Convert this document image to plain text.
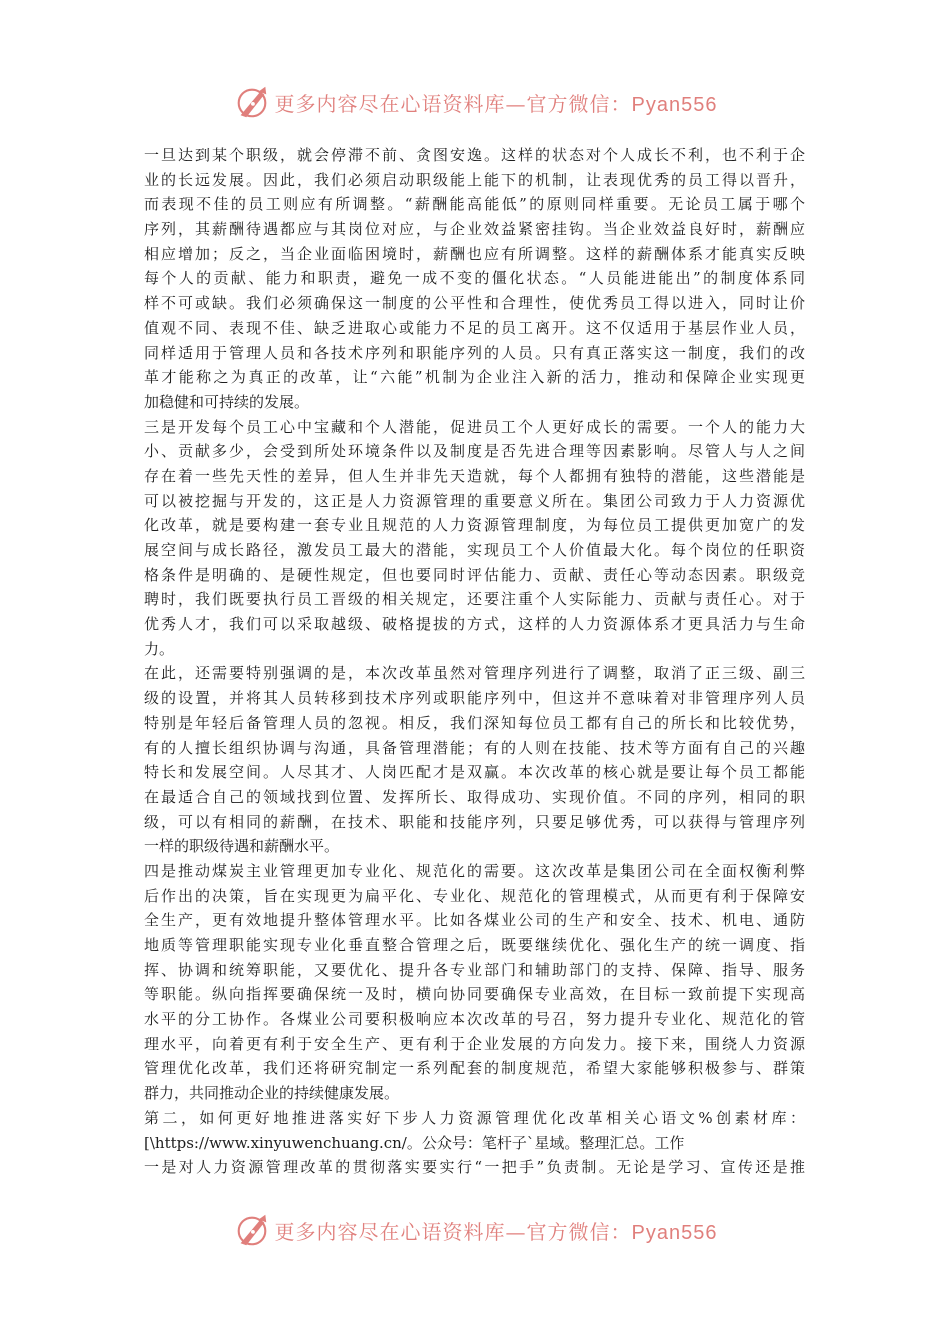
更多内容尽在心语资料库—官方微信：Pyan556
一旦达到某个职级，就会停滞不前、贪图安逸。这样的状态对个人成长不利，也不利于企
业的长远发展。因此，我们必须启动职级能上能下的机制，让表现优秀的员工得以晋升，
而表现不佳的员工则应有所调整。“薪酬能高能低”的原则同样重要。无论员工属于哪个
序列，其薪酬待遇都应与其岗位对应，与企业效益紧密挂钩。当企业效益良好时，薪酬应
相应增加；反之，当企业面临困境时，薪酬也应有所调整。这样的薪酬体系才能真实反映
每个人的贡献、能力和职责，避免一成不变的僵化状态。“人员能进能出”的制度体系同
样不可或缺。我们必须确保这一制度的公平性和合理性，使优秀员工得以进入，同时让价
值观不同、表现不佳、缺乏进取心或能力不足的员工离开。这不仅适用于基层作业人员，
同样适用于管理人员和各技术序列和职能序列的人员。只有真正落实这一制度，我们的改
革才能称之为真正的改革，让“六能”机制为企业注入新的活力，推动和保障企业实现更
加稳健和可持续的发展。
三是开发每个员工心中宝藏和个人潜能，促进员工个人更好成长的需要。一个人的能力大
小、贡献多少，会受到所处环境条件以及制度是否先进合理等因素影响。尽管人与人之间
存在着一些先天性的差异，但人生并非先天造就，每个人都拥有独特的潜能，这些潜能是
可以被挖掘与开发的，这正是人力资源管理的重要意义所在。集团公司致力于人力资源优
化改革，就是要构建一套专业且规范的人力资源管理制度，为每位员工提供更加宽广的发
展空间与成长路径，激发员工最大的潜能，实现员工个人价值最大化。每个岗位的任职资
格条件是明确的、是硬性规定，但也要同时评估能力、贡献、责任心等动态因素。职级竞
聘时，我们既要执行员工晋级的相关规定，还要注重个人实际能力、贡献与责任心。对于
优秀人才，我们可以采取越级、破格提拔的方式，这样的人力资源体系才更具活力与生命
力。
在此，还需要特别强调的是，本次改革虽然对管理序列进行了调整，取消了正三级、副三
级的设置，并将其人员转移到技术序列或职能序列中，但这并不意味着对非管理序列人员
特别是年轻后备管理人员的忽视。相反，我们深知每位员工都有自己的所长和比较优势，
有的人擅长组织协调与沟通，具备管理潜能；有的人则在技能、技术等方面有自己的兴趣
特长和发展空间。人尽其才、人岗匹配才是双赢。本次改革的核心就是要让每个员工都能
在最适合自己的领域找到位置、发挥所长、取得成功、实现价值。不同的序列，相同的职
级，可以有相同的薪酬，在技术、职能和技能序列，只要足够优秀，可以获得与管理序列
一样的职级待遇和薪酬水平。
四是推动煤炭主业管理更加专业化、规范化的需要。这次改革是集团公司在全面权衡利弊
后作出的决策，旨在实现更为扁平化、专业化、规范化的管理模式，从而更有利于保障安
全生产，更有效地提升整体管理水平。比如各煤业公司的生产和安全、技术、机电、通防
地质等管理职能实现专业化垂直整合管理之后，既要继续优化、强化生产的统一调度、指
挥、协调和统筹职能，又要优化、提升各专业部门和辅助部门的支持、保障、指导、服务
等职能。纵向指挥要确保统一及时，横向协同要确保专业高效，在目标一致前提下实现高
水平的分工协作。各煤业公司要积极响应本次改革的号召，努力提升专业化、规范化的管
理水平，向着更有利于安全生产、更有利于企业发展的方向发力。接下来，围绕人力资源
管理优化改革，我们还将研究制定一系列配套的制度规范，希望大家能够积极参与、群策
群力，共同推动企业的持续健康发展。
第二，如何更好地推进落实好下步人力资源管理优化改革相关心语文%创素材库：
[\https://www.xinyuwenchuang.cn/。公众号：笔杆子`星域。整理汇总。工作
一是对人力资源管理改革的贯彻落实要实行“一把手”负责制。无论是学习、宣传还是推
更多内容尽在心语资料库—官方微信：Pyan556
